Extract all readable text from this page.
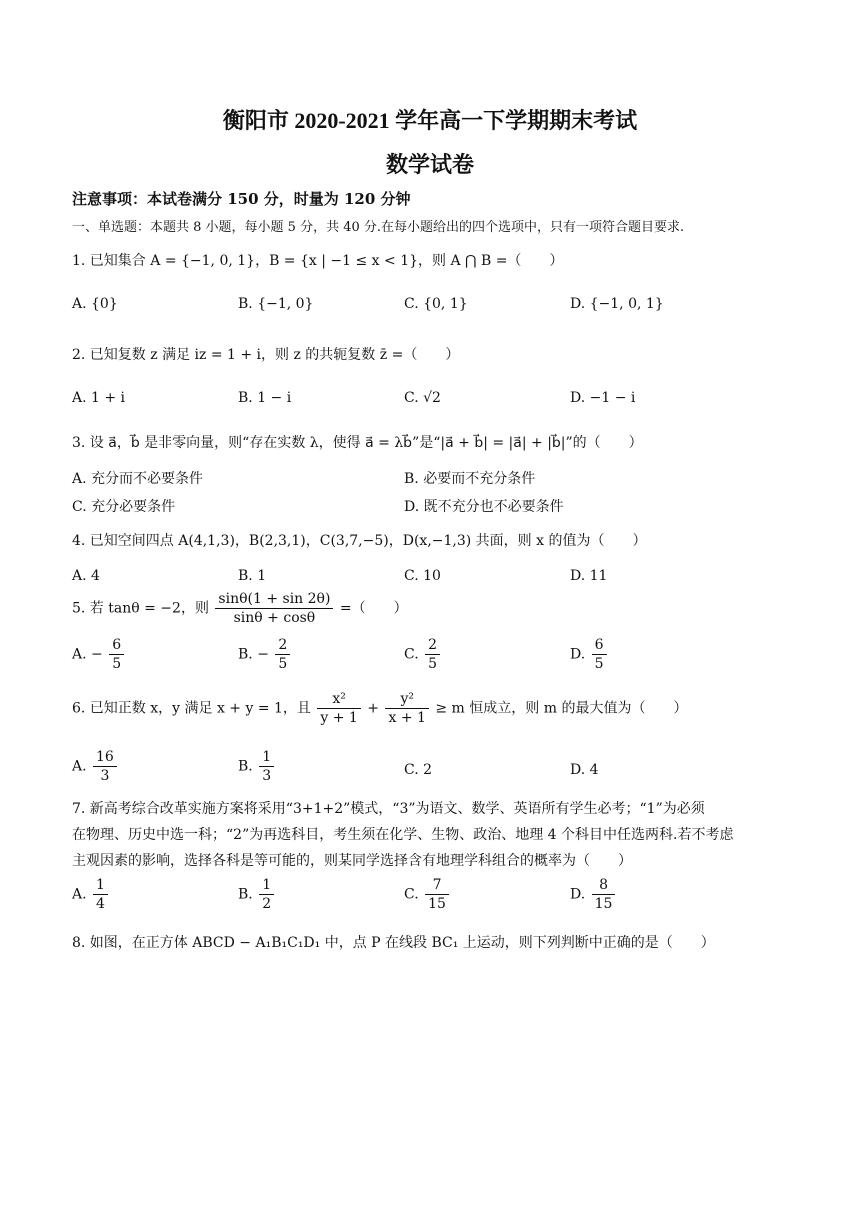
衡阳市 2020-2021 学年高一下学期期末考试
数学试卷
注意事项：本试卷满分 150 分，时量为 120 分钟
一、单选题：本题共 8 小题，每小题 5 分，共 40 分.在每小题给出的四个选项中，只有一项符合题目要求.
1. 已知集合 A = {−1, 0, 1}，B = {x | −1 ≤ x < 1}，则 A ⋂ B =（　　）
A. {0}	B. {−1, 0}	C. {0, 1}	D. {−1, 0, 1}
2. 已知复数 z 满足 iz = 1 + i，则 z 的共轭复数 z̄ =（　　）
A. 1 + i	B. 1 − i	C. √2	D. −1 − i
3. 设 a⃗，b⃗ 是非零向量，则“存在实数 λ，使得 a⃗ = λb⃗”是“|a⃗ + b⃗| = |a⃗| + |b⃗|”的（　　）
A. 充分而不必要条件	B. 必要而不充分条件
C. 充分必要条件	D. 既不充分也不必要条件
4. 已知空间四点 A(4,1,3)，B(2,3,1)，C(3,7,−5)，D(x,−1,3) 共面，则 x 的值为（　　）
A. 4	B. 1	C. 10	D. 11
5. 若 tanθ = −2，则 $\frac{\sin\theta(1 + \sin 2\theta)}{\sin\theta + \cos\theta}$ =（　　）
A. − $\frac{6}{5}$	B. − $\frac{2}{5}$	C. $\frac{2}{5}$	D. $\frac{6}{5}$
6. 已知正数 x，y 满足 x + y = 1，且 $\frac{\text{x²}}{y + 1} + \frac{\text{y²}}{x + 1} \ge m$ 恒成立，则 m 的最大值为（　　）
A. $\frac{16}{3}$	B. $\frac{1}{3}$	C. 2	D. 4
7. 新高考综合改革实施方案将采用“3+1+2”模式，“3”为语文、数学、英语所有学生必考；“1”为必须
在物理、历史中选一科；“2”为再选科目，考生须在化学、生物、政治、地理 4 个科目中任选两科.若不考虑
主观因素的影响，选择各科是等可能的，则某同学选择含有地理学科组合的概率为（　　）
A. $\frac{1}{4}$	B. $\frac{1}{2}$	C. $\frac{7}{15}$	D. $\frac{8}{15}$
8. 如图，在正方体 ABCD − A₁B₁C₁D₁ 中，点 P 在线段 BC₁ 上运动，则下列判断中正确的是（　　）
